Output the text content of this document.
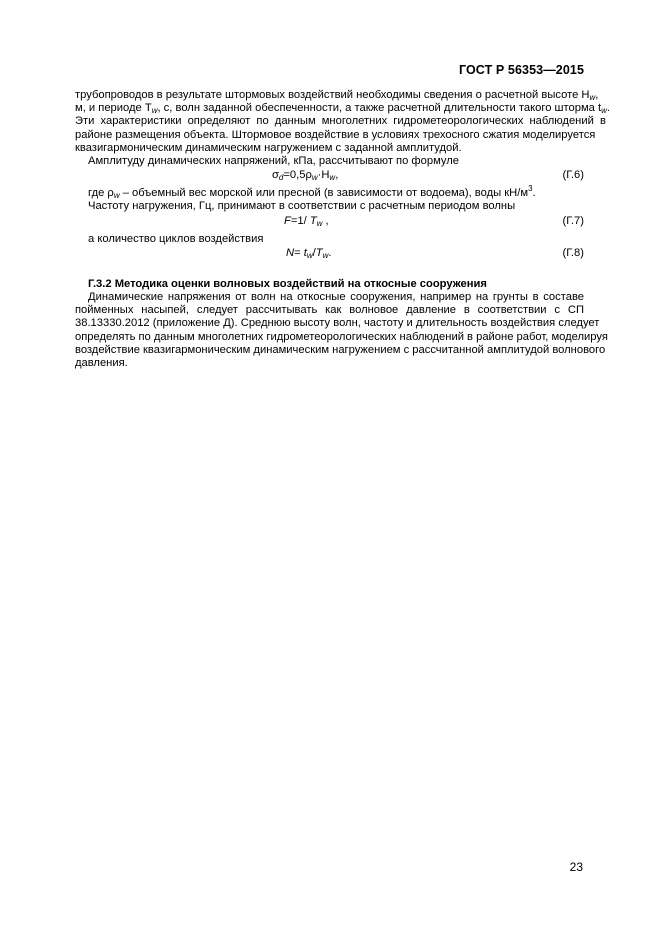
ГОСТ Р 56353—2015
трубопроводов в результате штормовых воздействий необходимы сведения о расчетной высоте $H_w$,
м, и периоде $T_w$, с, волн заданной обеспеченности, а также расчетной длительности такого шторма $t_w$.
Эти характеристики определяют по данным многолетних гидрометеорологических наблюдений в
районе размещения объекта. Штормовое воздействие в условиях трехосного сжатия моделируется
квазигармоническим динамическим нагружением с заданной амплитудой.
Амплитуду динамических напряжений, кПа, рассчитывают по формуле
$\sigma_d=0,5\rho_w\cdot H_w$,	(Г.6)
где $\rho_w$ – объемный вес морской или пресной (в зависимости от водоема), воды $кН/м^3$.
Частоту нагружения, Гц, принимают в соответствии с расчетным периодом волны
F=1/ $T_w$ ,	(Г.7)
а количество циклов воздействия
$N= t_w/T_w$.	(Г.8)
Г.3.2 Методика оценки волновых воздействий на откосные сооружения
Динамические напряжения от волн на откосные сооружения, например на грунты в составе
пойменных насыпей, следует рассчитывать как волновое давление в соответствии с СП
38.13330.2012 (приложение Д). Среднюю высоту волн, частоту и длительность воздействия следует
определять по данным многолетних гидрометеорологических наблюдений в районе работ, моделируя
воздействие квазигармоническим динамическим нагружением с рассчитанной амплитудой волнового
давления.
23
